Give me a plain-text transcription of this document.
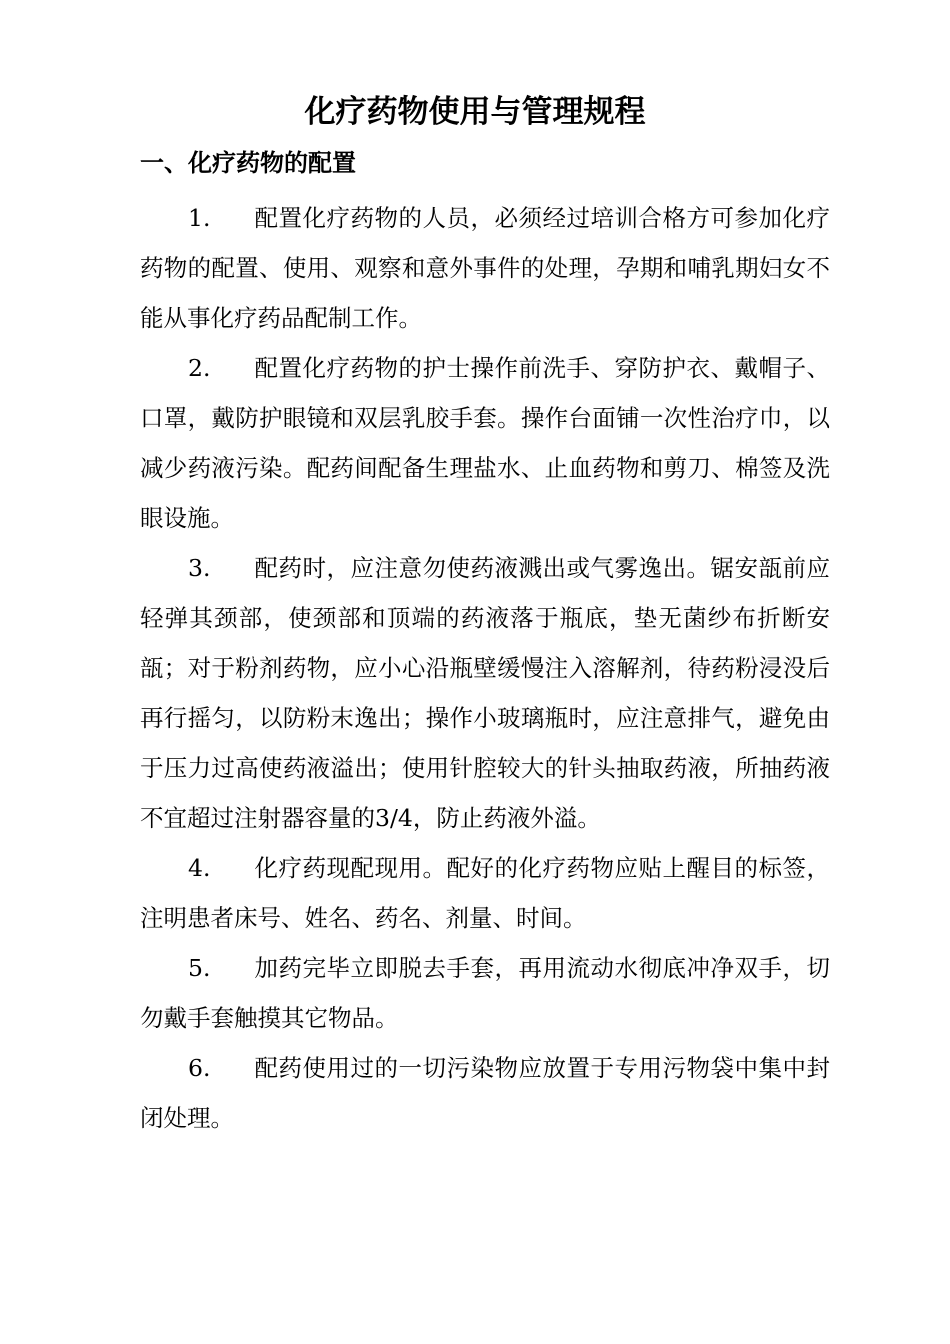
化疗药物使用与管理规程
一、化疗药物的配置

1. 配置化疗药物的人员，必须经过培训合格方可参加化疗药物的配置、使用、观察和意外事件的处理，孕期和哺乳期妇女不能从事化疗药品配制工作。

2. 配置化疗药物的护士操作前洗手、穿防护衣、戴帽子、口罩，戴防护眼镜和双层乳胶手套。操作台面铺一次性治疗巾，以减少药液污染。配药间配备生理盐水、止血药物和剪刀、棉签及洗眼设施。

3. 配药时，应注意勿使药液溅出或气雾逸出。锯安瓿前应轻弹其颈部，使颈部和顶端的药液落于瓶底，垫无菌纱布折断安瓿；对于粉剂药物，应小心沿瓶壁缓慢注入溶解剂，待药粉浸没后再行摇匀，以防粉末逸出；操作小玻璃瓶时，应注意排气，避免由于压力过高使药液溢出；使用针腔较大的针头抽取药液，所抽药液不宜超过注射器容量的3/4，防止药液外溢。

4. 化疗药现配现用。配好的化疗药物应贴上醒目的标签，注明患者床号、姓名、药名、剂量、时间。

5. 加药完毕立即脱去手套，再用流动水彻底冲净双手，切勿戴手套触摸其它物品。

6. 配药使用过的一切污染物应放置于专用污物袋中集中封闭处理。
